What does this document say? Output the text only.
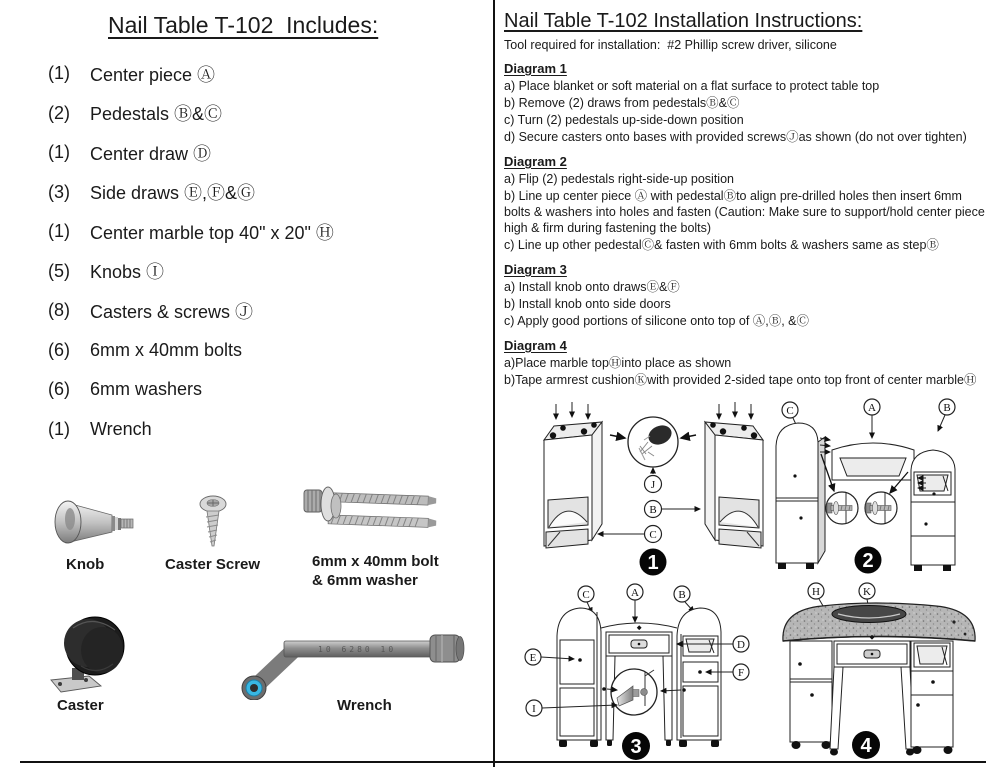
Nail Table T-102  Includes:
(1)	Center piece Ⓐ
(2)	Pedestals Ⓑ&Ⓒ
(1)	Center draw Ⓓ
(3)	Side draws Ⓔ,Ⓕ&Ⓖ
(1)	Center marble top 40" x 20" Ⓗ
(5)	Knobs Ⓘ
(8)	Casters & screws Ⓙ
(6)	6mm x 40mm bolts
(6)	6mm washers
(1)	Wrench
Knob	Caster Screw	6mm x 40mm bolt
& 6mm washer
Caster
10 6280 10
Wrench
Nail Table T-102 Installation Instructions:
Tool required for installation:  #2 Phillip screw driver, silicone
Diagram 1
a) Place blanket or soft material on a flat surface to protect table top
b) Remove (2) draws from pedestalsⒷ&Ⓒ
c) Turn (2) pedestals up-side-down position
d) Secure casters onto bases with provided screwsⒿas shown (do not over tighten)
Diagram 2
a) Flip (2) pedestals right-side-up position
b) Line up center piece Ⓐ with pedestalⒷto align pre-drilled holes then insert 6mm bolts & washers into holes and fasten (Caution: Make sure to support/hold center piece high & firm during fastening the bolts)
c) Line up other pedestalⒸ& fasten with 6mm bolts & washers same as stepⒷ
Diagram 3
a) Install knob onto drawsⒺ&Ⓕ
b) Install knob onto side doors
c) Apply good portions of silicone onto top of Ⓐ,Ⓑ, &Ⓒ
Diagram 4
a)Place marble topⒽinto place as shown
b)Tape armrest cushionⓀwith provided 2-sided tape onto top front of center marbleⒽ
J
B
C
1
C	A	B
2
C	A	B
E
I
D
F
3
H	K
4
